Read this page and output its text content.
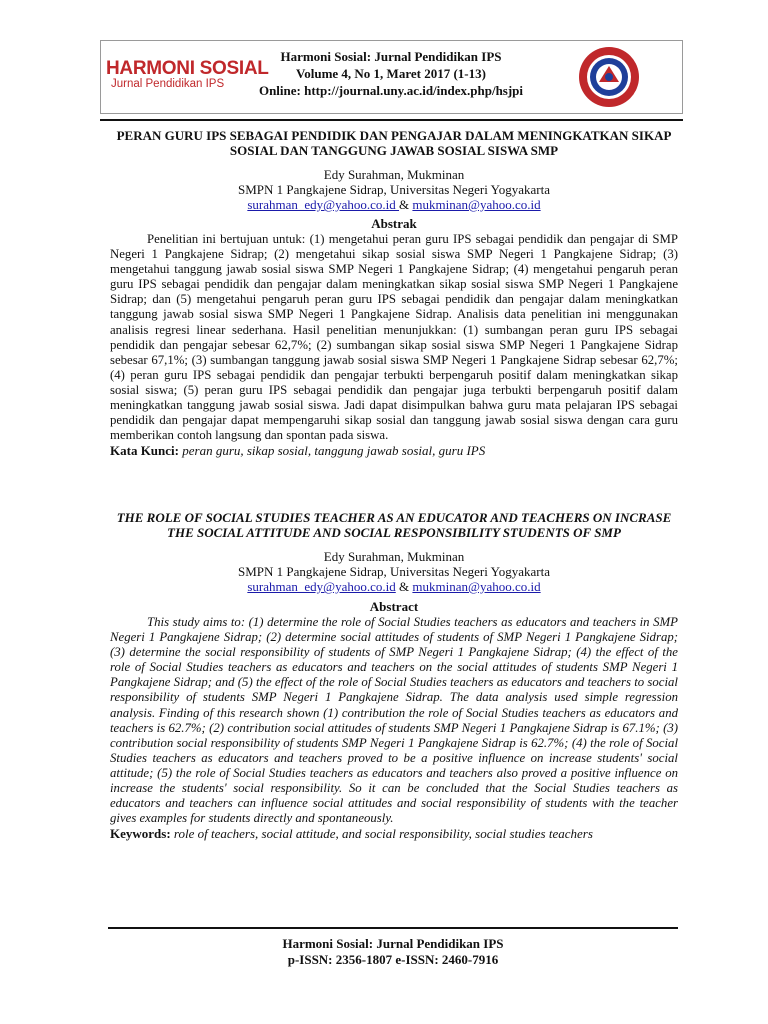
HARMONI SOSIAL
Jurnal Pendidikan IPS
Harmoni Sosial: Jurnal Pendidikan IPS
Volume 4, No 1, Maret 2017 (1-13)
Online: http://journal.uny.ac.id/index.php/hsjpi
PERAN GURU IPS SEBAGAI PENDIDIK DAN PENGAJAR DALAM MENINGKATKAN SIKAP SOSIAL DAN TANGGUNG JAWAB SOSIAL SISWA SMP
Edy Surahman, Mukminan
SMPN 1 Pangkajene Sidrap, Universitas Negeri Yogyakarta
surahman_edy@yahoo.co.id & mukminan@yahoo.co.id
Abstrak
Penelitian ini bertujuan untuk: (1) mengetahui peran guru IPS sebagai pendidik dan pengajar di SMP Negeri 1 Pangkajene Sidrap; (2) mengetahui sikap sosial siswa SMP Negeri 1 Pangkajene Sidrap; (3) mengetahui tanggung jawab sosial siswa SMP Negeri 1 Pangkajene Sidrap; (4) mengetahui pengaruh peran guru IPS sebagai pendidik dan pengajar dalam meningkatkan sikap sosial siswa SMP Negeri 1 Pangkajene Sidrap; dan (5) mengetahui pengaruh peran guru IPS sebagai pendidik dan pengajar dalam meningkatkan tanggung jawab sosial siswa SMP Negeri 1 Pangkajene Sidrap. Analisis data penelitian ini menggunakan analisis regresi linear sederhana. Hasil penelitian menunjukkan: (1) sumbangan peran guru IPS sebagai pendidik dan pengajar sebesar 62,7%; (2) sumbangan sikap sosial siswa SMP Negeri 1 Pangkajene Sidrap sebesar 67,1%; (3) sumbangan tanggung jawab sosial siswa SMP Negeri 1 Pangkajene Sidrap sebesar 62,7%; (4) peran guru IPS sebagai pendidik dan pengajar terbukti berpengaruh positif dalam meningkatkan sikap sosial siswa; (5) peran guru IPS sebagai pendidik dan pengajar juga terbukti berpengaruh positif dalam meningkatkan tanggung jawab sosial siswa. Jadi dapat disimpulkan bahwa guru mata pelajaran IPS sebagai pendidik dan pengajar dapat mempengaruhi sikap sosial dan tanggung jawab sosial siswa dengan cara guru memberikan contoh langsung dan spontan pada siswa.
Kata Kunci: peran guru, sikap sosial, tanggung jawab sosial, guru IPS
THE ROLE OF SOCIAL STUDIES TEACHER AS AN EDUCATOR AND TEACHERS ON INCRASE THE SOCIAL ATTITUDE AND SOCIAL RESPONSIBILITY STUDENTS OF SMP
Edy Surahman, Mukminan
SMPN 1 Pangkajene Sidrap, Universitas Negeri Yogyakarta
surahman_edy@yahoo.co.id & mukminan@yahoo.co.id
Abstract
This study aims to: (1) determine the role of Social Studies teachers as educators and teachers in SMP Negeri 1 Pangkajene Sidrap; (2) determine social attitudes of students of SMP Negeri 1 Pangkajene Sidrap; (3) determine the social responsibility of students of SMP Negeri 1 Pangkajene Sidrap; (4) the effect of the role of Social Studies teachers as educators and teachers on the social attitudes of students SMP Negeri 1 Pangkajene Sidrap; and (5) the effect of the role of Social Studies teachers as educators and teachers to social responsibility of students SMP Negeri 1 Pangkajene Sidrap. The data analysis used simple regression analysis. Finding of this research shown (1) contribution the role of Social Studies teachers as educators and teachers is 62.7%; (2) contribution social attitudes of students SMP Negeri 1 Pangkajene Sidrap is 67.1%; (3) contribution social responsibility of students SMP Negeri 1 Pangkajene Sidrap is 62.7%; (4) the role of Social Studies teachers as educators and teachers proved to be a positive influence on increase students' social attitude; (5) the role of Social Studies teachers as educators and teachers also proved a positive influence on increase the students' social responsibility. So it can be concluded that the Social Studies teachers as educators and teachers can influence social attitudes and social responsibility of students with the teacher gives examples for students directly and spontaneously.
Keywords: role of teachers, social attitude, and social responsibility, social studies teachers
Harmoni Sosial: Jurnal Pendidikan IPS
p-ISSN: 2356-1807 e-ISSN: 2460-7916
